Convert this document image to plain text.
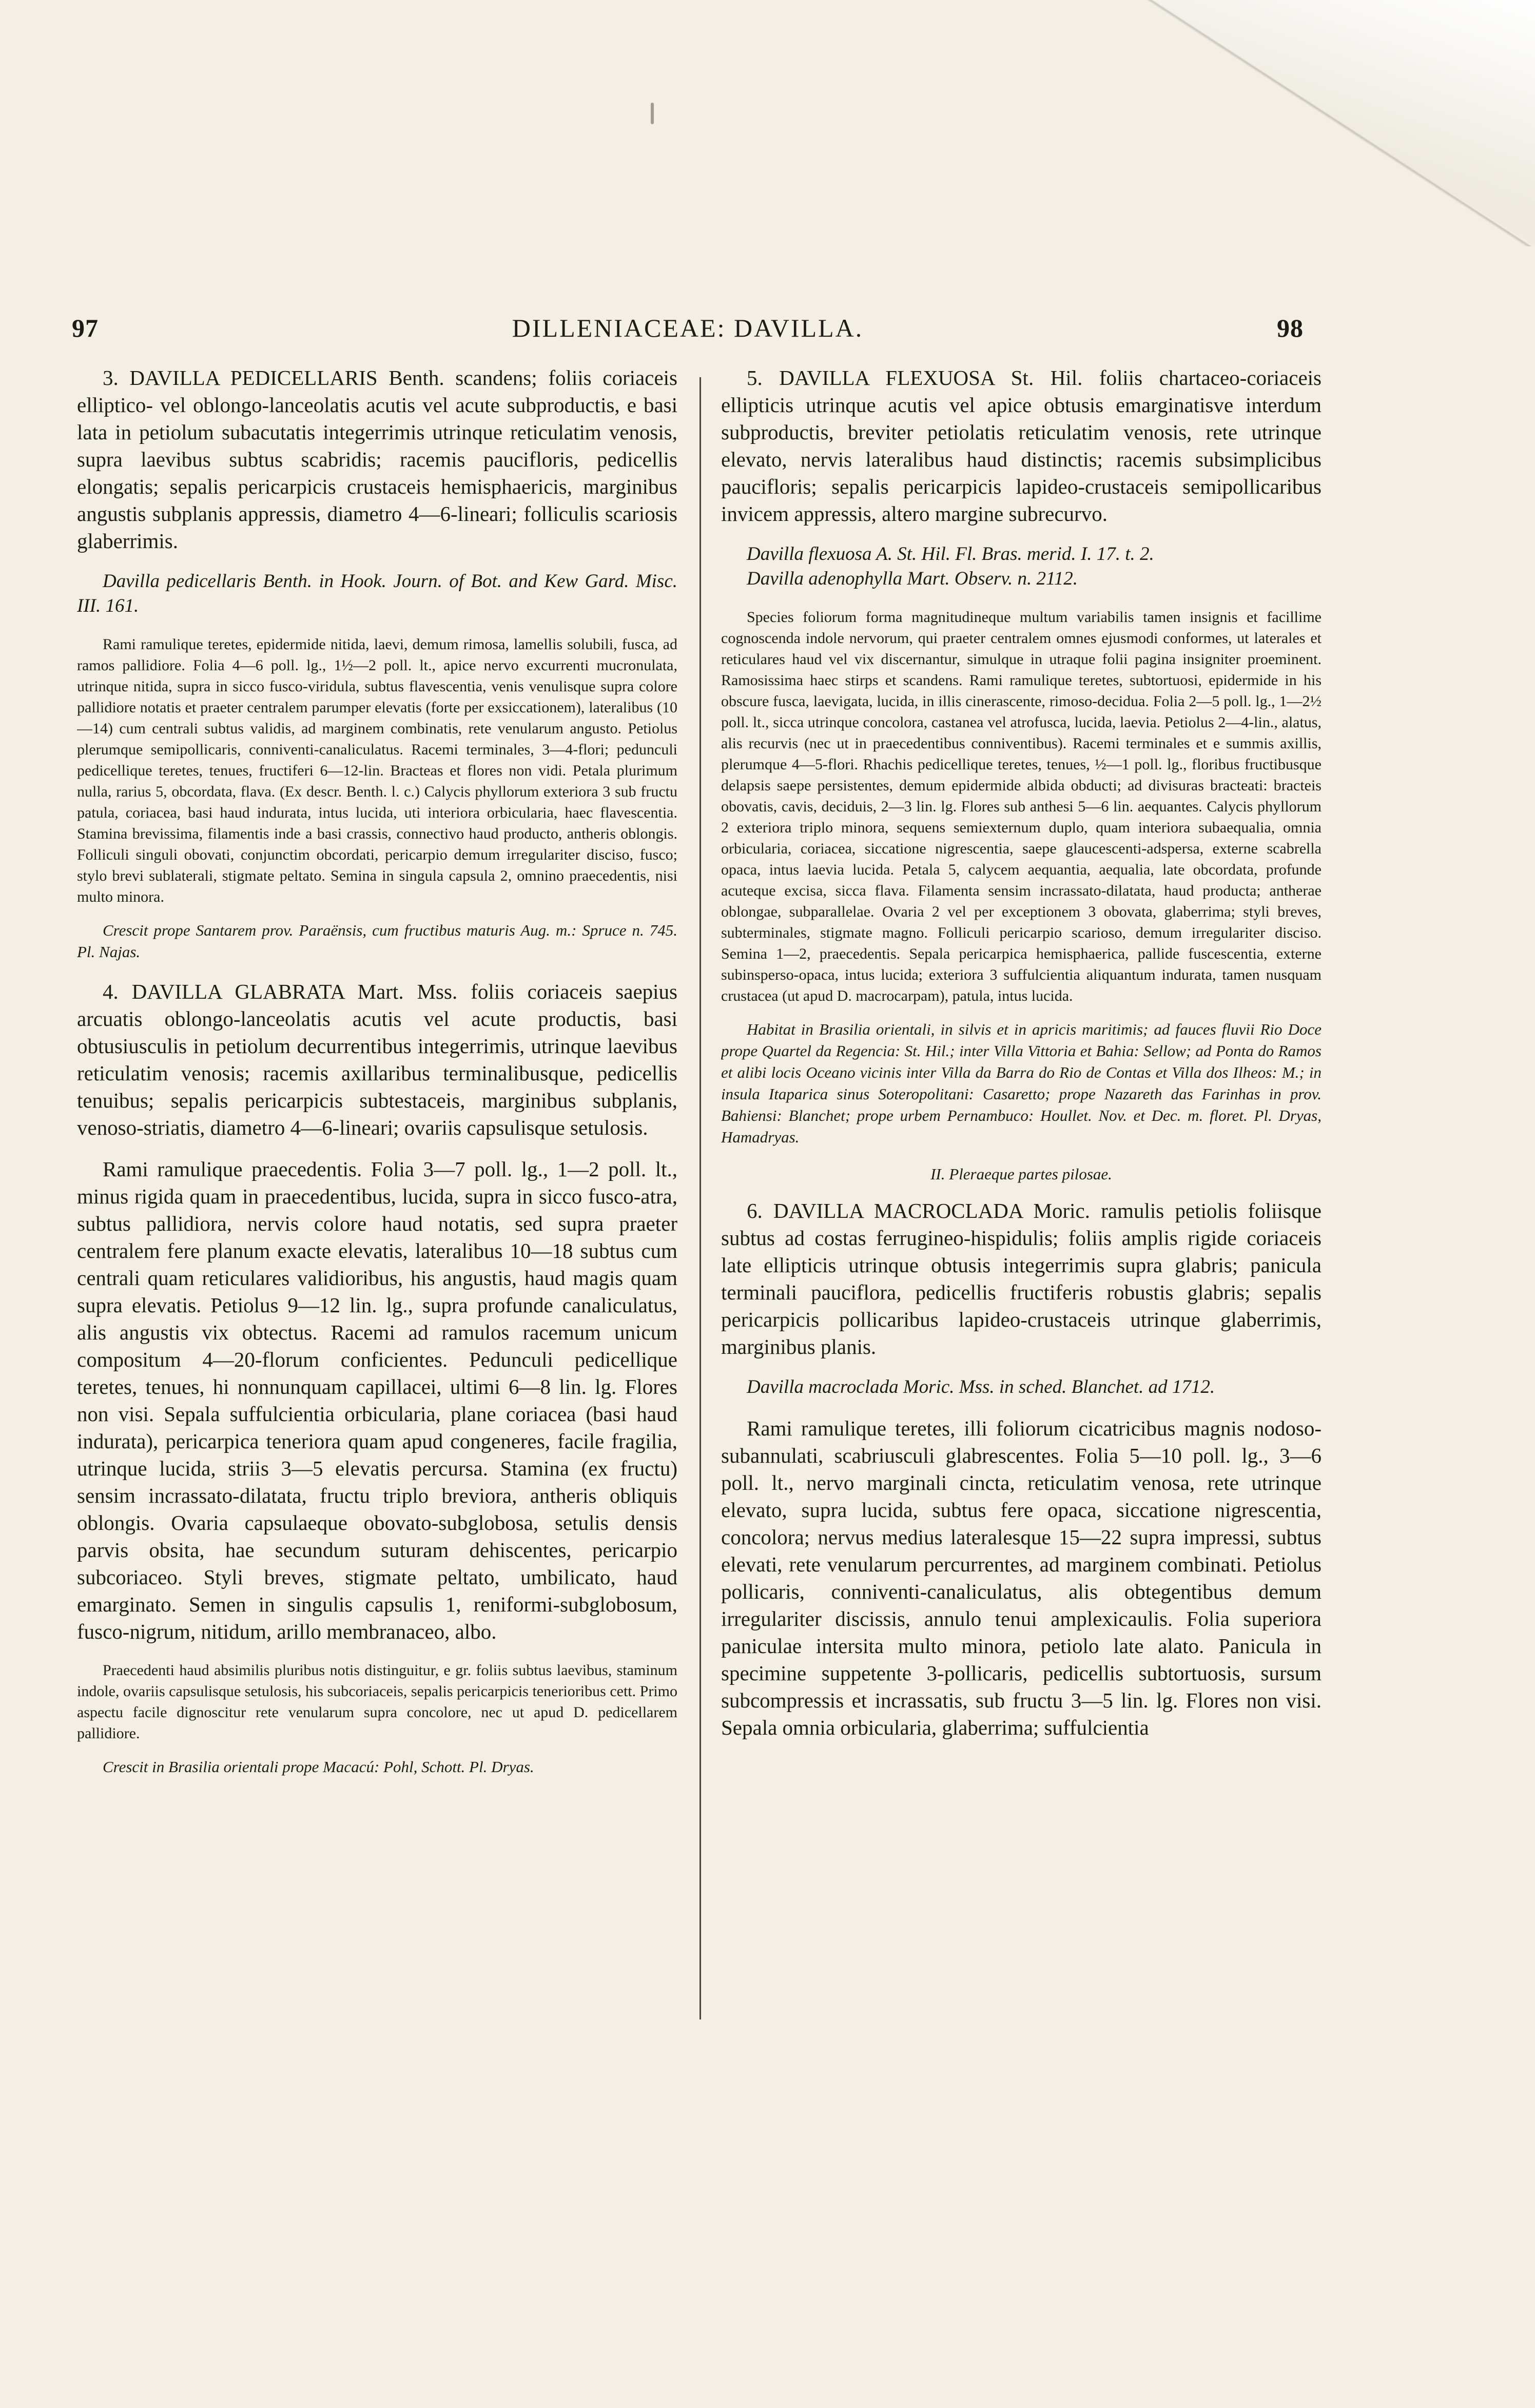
97	DILLENIACEAE: DAVILLA.	98

3. DAVILLA PEDICELLARIS Benth. scandens; foliis coriaceis elliptico- vel oblongo-lanceolatis acutis vel acute subproductis, e basi lata in petiolum subacutatis integerrimis utrinque reticulatim venosis, supra laevibus subtus scabridis; racemis paucifloris, pedicellis elongatis; sepalis pericarpicis crustaceis hemisphaericis, marginibus angustis subplanis appressis, diametro 4—6-lineari; folliculis scariosis glaberrimis.

Davilla pedicellaris Benth. in Hook. Journ. of Bot. and Kew Gard. Misc. III. 161.

Rami ramulique teretes, epidermide nitida, laevi, demum rimosa, lamellis solubili, fusca, ad ramos pallidiore. Folia 4—6 poll. lg., 1½—2 poll. lt., apice nervo excurrenti mucronulata, utrinque nitida, supra in sicco fusco-viridula, subtus flavescentia, venis venulisque supra colore pallidiore notatis et praeter centralem parumper elevatis (forte per exsiccationem), lateralibus (10—14) cum centrali subtus validis, ad marginem combinatis, rete venularum angusto. Petiolus plerumque semipollicaris, conniventi-canaliculatus. Racemi terminales, 3—4-flori; pedunculi pedicellique teretes, tenues, fructiferi 6—12-lin. Bracteas et flores non vidi. Petala plurimum nulla, rarius 5, obcordata, flava. (Ex descr. Benth. l. c.) Calycis phyllorum exteriora 3 sub fructu patula, coriacea, basi haud indurata, intus lucida, uti interiora orbicularia, haec flavescentia. Stamina brevissima, filamentis inde a basi crassis, connectivo haud producto, antheris oblongis. Folliculi singuli obovati, conjunctim obcordati, pericarpio demum irregulariter disciso, fusco; stylo brevi sublaterali, stigmate peltato. Semina in singula capsula 2, omnino praecedentis, nisi multo minora.

Crescit prope Santarem prov. Paraënsis, cum fructibus maturis Aug. m.: Spruce n. 745. Pl. Najas.

4. DAVILLA GLABRATA Mart. Mss. foliis coriaceis saepius arcuatis oblongo-lanceolatis acutis vel acute productis, basi obtusiusculis in petiolum decurrentibus integerrimis, utrinque laevibus reticulatim venosis; racemis axillaribus terminalibusque, pedicellis tenuibus; sepalis pericarpicis subtestaceis, marginibus subplanis, venoso-striatis, diametro 4—6-lineari; ovariis capsulisque setulosis.

Rami ramulique praecedentis. Folia 3—7 poll. lg., 1—2 poll. lt., minus rigida quam in praecedentibus, lucida, supra in sicco fusco-atra, subtus pallidiora, nervis colore haud notatis, sed supra praeter centralem fere planum exacte elevatis, lateralibus 10—18 subtus cum centrali quam reticulares validioribus, his angustis, haud magis quam supra elevatis. Petiolus 9—12 lin. lg., supra profunde canaliculatus, alis angustis vix obtectus. Racemi ad ramulos racemum unicum compositum 4—20-florum conficientes. Pedunculi pedicellique teretes, tenues, hi nonnunquam capillacei, ultimi 6—8 lin. lg. Flores non visi. Sepala suffulcientia orbicularia, plane coriacea (basi haud indurata), pericarpica teneriora quam apud congeneres, facile fragilia, utrinque lucida, striis 3—5 elevatis percursa. Stamina (ex fructu) sensim incrassato-dilatata, fructu triplo breviora, antheris obliquis oblongis. Ovaria capsulaeque obovato-subglobosa, setulis densis parvis obsita, hae secundum suturam dehiscentes, pericarpio subcoriaceo. Styli breves, stigmate peltato, umbilicato, haud emarginato. Semen in singulis capsulis 1, reniformi-subglobosum, fusco-nigrum, nitidum, arillo membranaceo, albo.

Praecedenti haud absimilis pluribus notis distinguitur, e gr. foliis subtus laevibus, staminum indole, ovariis capsulisque setulosis, his subcoriaceis, sepalis pericarpicis tenerioribus cett. Primo aspectu facile dignoscitur rete venularum supra concolore, nec ut apud D. pedicellarem pallidiore.

Crescit in Brasilia orientali prope Macacú: Pohl, Schott. Pl. Dryas.

5. DAVILLA FLEXUOSA St. Hil. foliis chartaceo-coriaceis ellipticis utrinque acutis vel apice obtusis emarginatisve interdum subproductis, breviter petiolatis reticulatim venosis, rete utrinque elevato, nervis lateralibus haud distinctis; racemis subsimplicibus paucifloris; sepalis pericarpicis lapideo-crustaceis semipollicaribus invicem appressis, altero margine subrecurvo.

Davilla flexuosa A. St. Hil. Fl. Bras. merid. I. 17. t. 2.

Davilla adenophylla Mart. Observ. n. 2112.

Species foliorum forma magnitudineque multum variabilis tamen insignis et facillime cognoscenda indole nervorum, qui praeter centralem omnes ejusmodi conformes, ut laterales et reticulares haud vel vix discernantur, simulque in utraque folii pagina insigniter proeminent. Ramosissima haec stirps et scandens. Rami ramulique teretes, subtortuosi, epidermide in his obscure fusca, laevigata, lucida, in illis cinerascente, rimoso-decidua. Folia 2—5 poll. lg., 1—2½ poll. lt., sicca utrinque concolora, castanea vel atrofusca, lucida, laevia. Petiolus 2—4-lin., alatus, alis recurvis (nec ut in praecedentibus conniventibus). Racemi terminales et e summis axillis, plerumque 4—5-flori. Rhachis pedicellique teretes, tenues, ½—1 poll. lg., floribus fructibusque delapsis saepe persistentes, demum epidermide albida obducti; ad divisuras bracteati: bracteis obovatis, cavis, deciduis, 2—3 lin. lg. Flores sub anthesi 5—6 lin. aequantes. Calycis phyllorum 2 exteriora triplo minora, sequens semiexternum duplo, quam interiora subaequalia, omnia orbicularia, coriacea, siccatione nigrescentia, saepe glaucescenti-adspersa, externe scabrella opaca, intus laevia lucida. Petala 5, calycem aequantia, aequalia, late obcordata, profunde acuteque excisa, sicca flava. Filamenta sensim incrassato-dilatata, haud producta; antherae oblongae, subparallelae. Ovaria 2 vel per exceptionem 3 obovata, glaberrima; styli breves, subterminales, stigmate magno. Folliculi pericarpio scarioso, demum irregulariter disciso. Semina 1—2, praecedentis. Sepala pericarpica hemisphaerica, pallide fuscescentia, externe subinsperso-opaca, intus lucida; exteriora 3 suffulcientia aliquantum indurata, tamen nusquam crustacea (ut apud D. macrocarpam), patula, intus lucida.

Habitat in Brasilia orientali, in silvis et in apricis maritimis; ad fauces fluvii Rio Doce prope Quartel da Regencia: St. Hil.; inter Villa Vittoria et Bahia: Sellow; ad Ponta do Ramos et alibi locis Oceano vicinis inter Villa da Barra do Rio de Contas et Villa dos Ilheos: M.; in insula Itaparica sinus Soteropolitani: Casaretto; prope Nazareth das Farinhas in prov. Bahiensi: Blanchet; prope urbem Pernambuco: Houllet. Nov. et Dec. m. floret. Pl. Dryas, Hamadryas.

II. Pleraeque partes pilosae.

6. DAVILLA MACROCLADA Moric. ramulis petiolis foliisque subtus ad costas ferrugineo-hispidulis; foliis amplis rigide coriaceis late ellipticis utrinque obtusis integerrimis supra glabris; panicula terminali pauciflora, pedicellis fructiferis robustis glabris; sepalis pericarpicis pollicaribus lapideo-crustaceis utrinque glaberrimis, marginibus planis.

Davilla macroclada Moric. Mss. in sched. Blanchet. ad 1712.

Rami ramulique teretes, illi foliorum cicatricibus magnis nodoso-subannulati, scabriusculi glabrescentes. Folia 5—10 poll. lg., 3—6 poll. lt., nervo marginali cincta, reticulatim venosa, rete utrinque elevato, supra lucida, subtus fere opaca, siccatione nigrescentia, concolora; nervus medius lateralesque 15—22 supra impressi, subtus elevati, rete venularum percurrentes, ad marginem combinati. Petiolus pollicaris, conniventi-canaliculatus, alis obtegentibus demum irregulariter discissis, annulo tenui amplexicaulis. Folia superiora paniculae intersita multo minora, petiolo late alato. Panicula in specimine suppetente 3-pollicaris, pedicellis subtortuosis, sursum subcompressis et incrassatis, sub fructu 3—5 lin. lg. Flores non visi. Sepala omnia orbicularia, glaberrima; suffulcientia
